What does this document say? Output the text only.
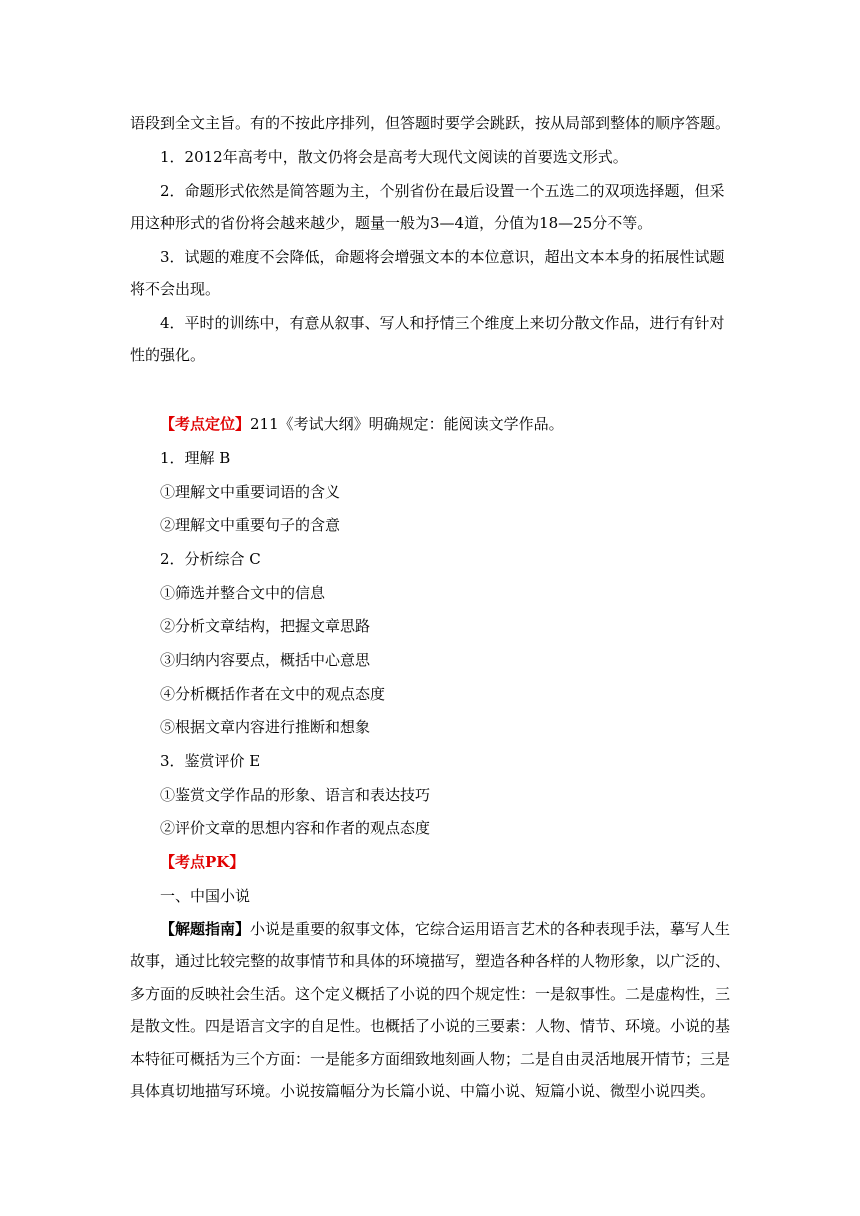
语段到全文主旨。有的不按此序排列，但答题时要学会跳跃，按从局部到整体的顺序答题。
1．2012年高考中，散文仍将会是高考大现代文阅读的首要选文形式。
2．命题形式依然是简答题为主，个别省份在最后设置一个五选二的双项选择题，但采
用这种形式的省份将会越来越少，题量一般为3—4道，分值为18—25分不等。
3．试题的难度不会降低，命题将会增强文本的本位意识，超出文本本身的拓展性试题
将不会出现。
4．平时的训练中，有意从叙事、写人和抒情三个维度上来切分散文作品，进行有针对
性的强化。
【考点定位】211《考试大纲》明确规定：能阅读文学作品。
1．理解 B
①理解文中重要词语的含义
②理解文中重要句子的含意
2．分析综合 C
①筛选并整合文中的信息
②分析文章结构，把握文章思路
③归纳内容要点，概括中心意思
④分析概括作者在文中的观点态度
⑤根据文章内容进行推断和想象
3．鉴赏评价 E
①鉴赏文学作品的形象、语言和表达技巧
②评价文章的思想内容和作者的观点态度
【考点PK】
一、中国小说
【解题指南】小说是重要的叙事文体，它综合运用语言艺术的各种表现手法，摹写人生
故事，通过比较完整的故事情节和具体的环境描写，塑造各种各样的人物形象，以广泛的、
多方面的反映社会生活。这个定义概括了小说的四个规定性：一是叙事性。二是虚构性，三
是散文性。四是语言文字的自足性。也概括了小说的三要素：人物、情节、环境。小说的基
本特征可概括为三个方面：一是能多方面细致地刻画人物；二是自由灵活地展开情节；三是
具体真切地描写环境。小说按篇幅分为长篇小说、中篇小说、短篇小说、微型小说四类。
